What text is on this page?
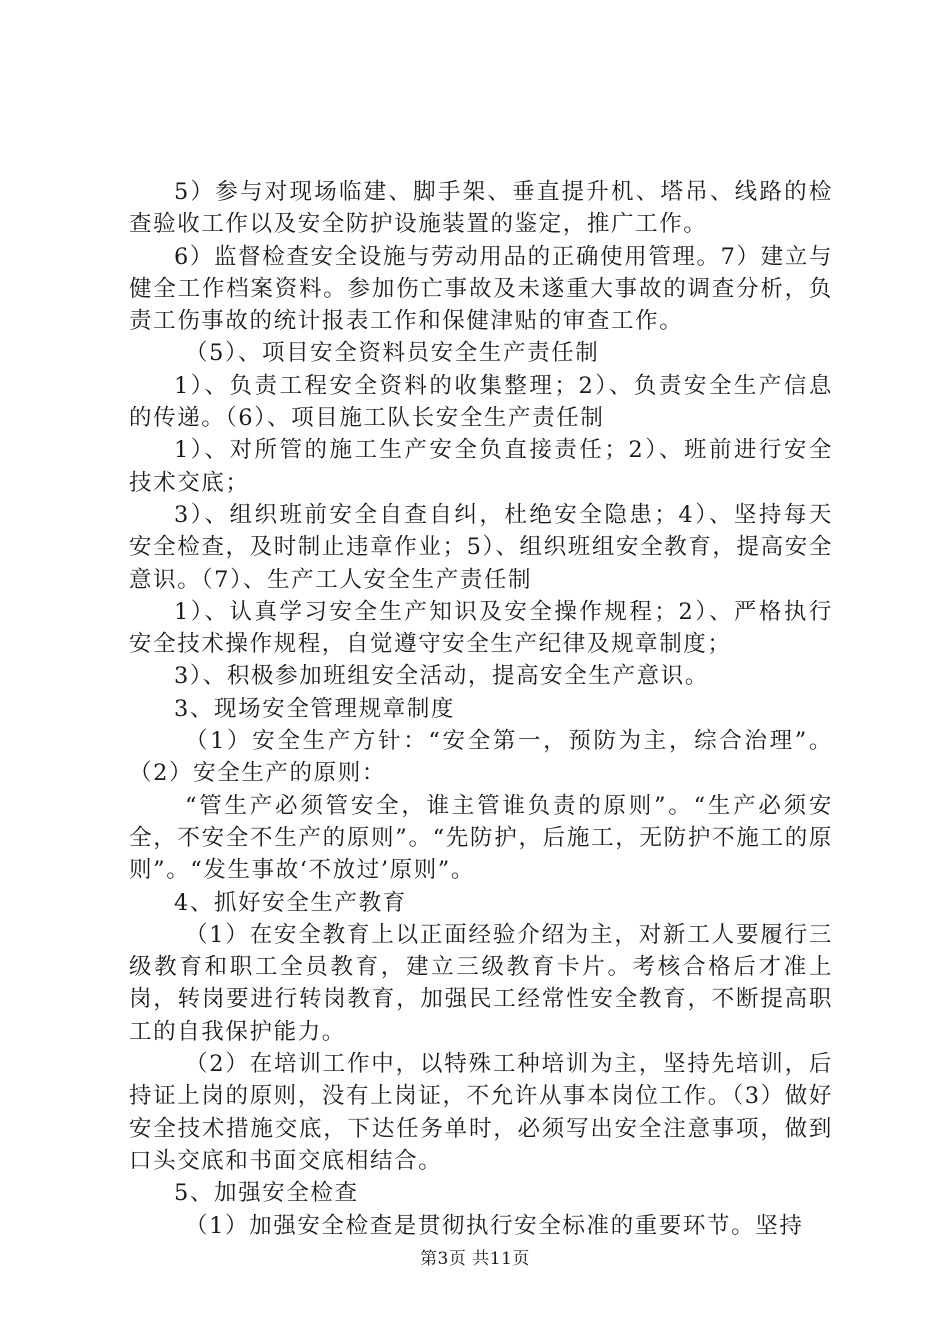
5）参与对现场临建、脚手架、垂直提升机、塔吊、线路的检查验收工作以及安全防护设施装置的鉴定，推广工作。

6）监督检查安全设施与劳动用品的正确使用管理。7）建立与健全工作档案资料。参加伤亡事故及未遂重大事故的调查分析，负责工伤事故的统计报表工作和保健津贴的审查工作。

（5）、项目安全资料员安全生产责任制

1）、负责工程安全资料的收集整理；2）、负责安全生产信息的传递。（6）、项目施工队长安全生产责任制

1）、对所管的施工生产安全负直接责任；2）、班前进行安全技术交底；

3）、组织班前安全自查自纠，杜绝安全隐患；4）、坚持每天安全检查，及时制止违章作业；5）、组织班组安全教育，提高安全意识。（7）、生产工人安全生产责任制

1）、认真学习安全生产知识及安全操作规程；2）、严格执行安全技术操作规程，自觉遵守安全生产纪律及规章制度；

3）、积极参加班组安全活动，提高安全生产意识。

3、现场安全管理规章制度

（1）安全生产方针：“安全第一，预防为主，综合治理”。（2）安全生产的原则：

“管生产必须管安全，谁主管谁负责的原则”。“生产必须安全，不安全不生产的原则”。“先防护，后施工，无防护不施工的原则”。“发生事故‘不放过’原则”。

4、抓好安全生产教育

（1）在安全教育上以正面经验介绍为主，对新工人要履行三级教育和职工全员教育，建立三级教育卡片。考核合格后才准上岗，转岗要进行转岗教育，加强民工经常性安全教育，不断提高职工的自我保护能力。

（2）在培训工作中，以特殊工种培训为主，坚持先培训，后持证上岗的原则，没有上岗证，不允许从事本岗位工作。（3）做好安全技术措施交底，下达任务单时，必须写出安全注意事项，做到口头交底和书面交底相结合。

5、加强安全检查

（1）加强安全检查是贯彻执行安全标准的重要环节。坚持

第3页 共11页
